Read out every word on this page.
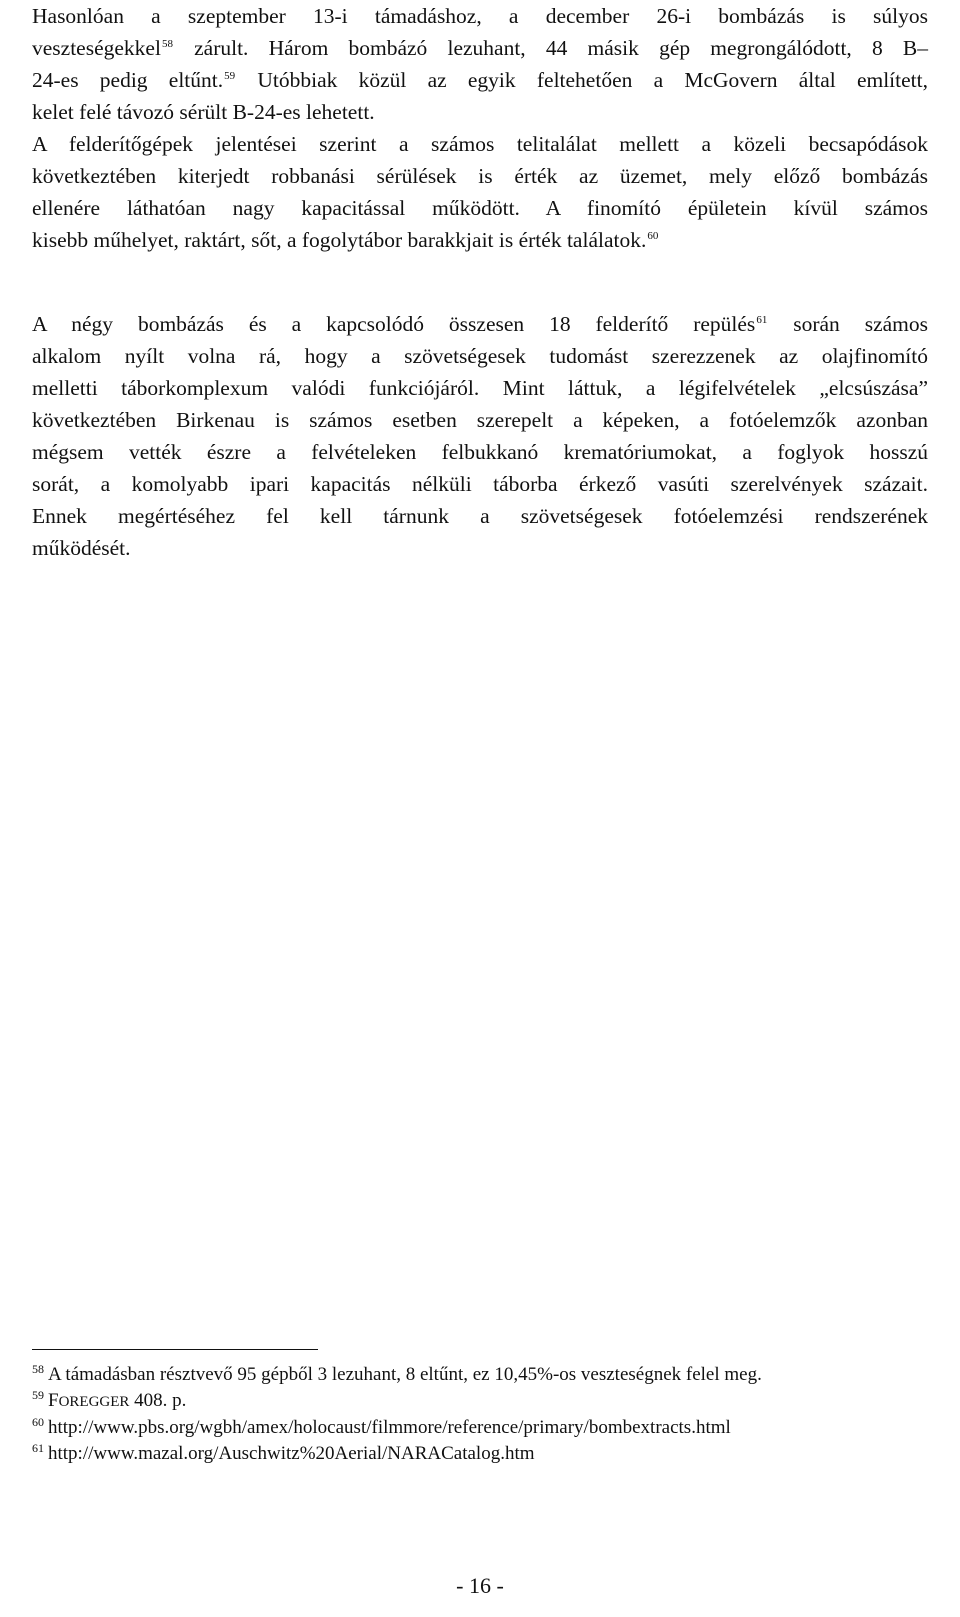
Hasonlóan a szeptember 13-i támadáshoz, a december 26-i bombázás is súlyos
veszteségekkel$^{58}$ zárult. Három bombázó lezuhant, 44 másik gép megrongálódott, 8 B–
24-es pedig eltűnt.$^{59}$ Utóbbiak közül az egyik feltehetően a McGovern által említett,
kelet felé távozó sérült B-24-es lehetett.

A felderítőgépek jelentései szerint a számos telitalálat mellett a közeli becsapódások
következtében kiterjedt robbanási sérülések is érték az üzemet, mely előző bombázás
ellenére láthatóan nagy kapacitással működött. A finomító épületein kívül számos
kisebb műhelyet, raktárt, sőt, a fogolytábor barakkjait is érték találatok.$^{60}$

A négy bombázás és a kapcsolódó összesen 18 felderítő repülés$^{61}$ során számos
alkalom nyílt volna rá, hogy a szövetségesek tudomást szerezzenek az olajfinomító
melletti táborkomplexum valódi funkciójáról. Mint láttuk, a légifelvételek „elcsúszása”
következtében Birkenau is számos esetben szerepelt a képeken, a fotóelemzők azonban
mégsem vették észre a felvételeken felbukkanó krematóriumokat, a foglyok hosszú
sorát, a komolyabb ipari kapacitás nélküli táborba érkező vasúti szerelvények százait.
Ennek megértéséhez fel kell tárnunk a szövetségesek fotóelemzési rendszerének
működését.

$^{58}$ A támadásban résztvevő 95 gépből 3 lezuhant, 8 eltűnt, ez 10,45%-os veszteségnek felel meg.
$^{59}$ FOREGGER 408. p.
$^{60}$ http://www.pbs.org/wgbh/amex/holocaust/filmmore/reference/primary/bombextracts.html
$^{61}$ http://www.mazal.org/Auschwitz%20Aerial/NARACatalog.htm
- 16 -
